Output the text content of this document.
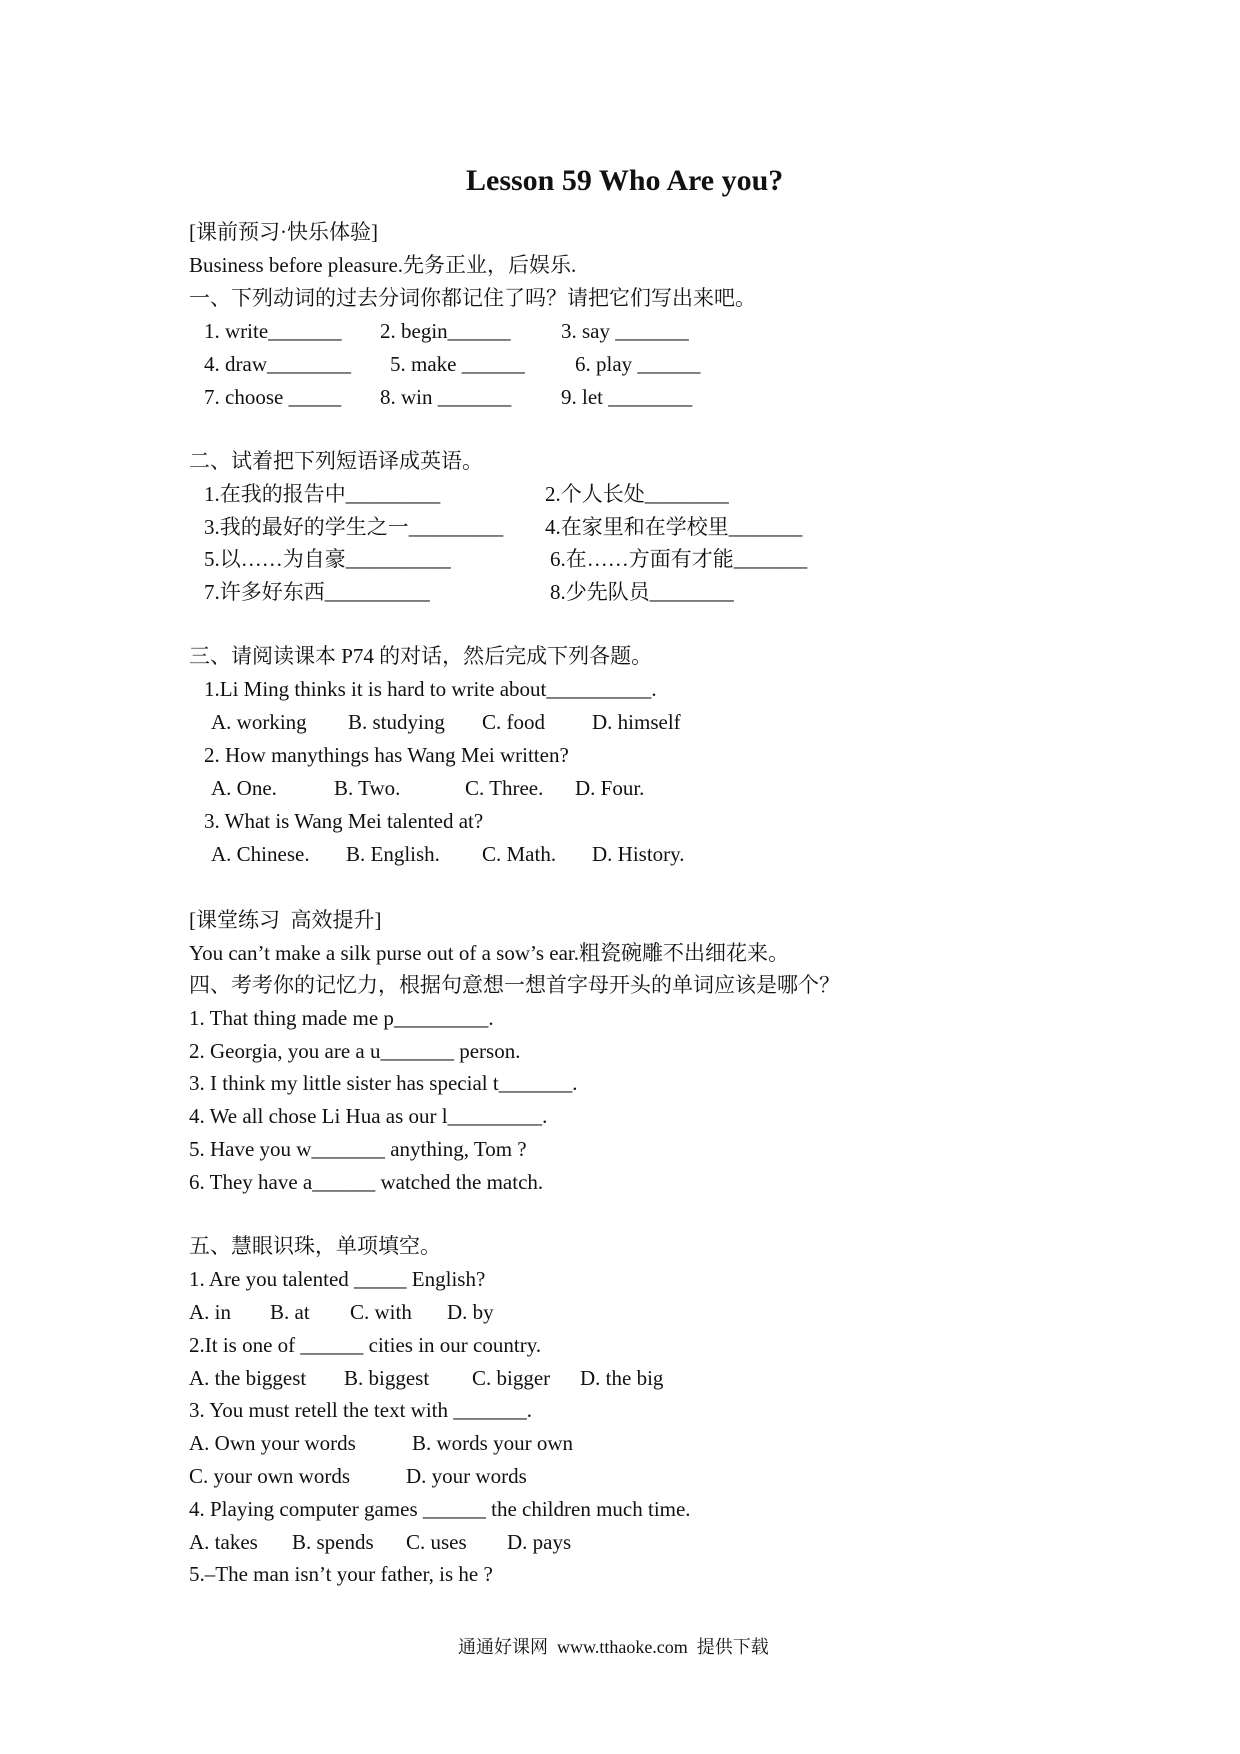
Lesson 59 Who Are you?
[课前预习·快乐体验]
Business before pleasure.先务正业，后娱乐.
一、下列动词的过去分词你都记住了吗？请把它们写出来吧。
1. write_______ 2. begin______ 3. say _______
4. draw________ 5. make ______ 6. play ______
7. choose _____ 8. win _______ 9. let ________
二、试着把下列短语译成英语。
1.在我的报告中_________	2.个人长处________
3.我的最好的学生之一_________ 4.在家里和在学校里_______
5.以……为自豪__________	6.在……方面有才能_______
7.许多好东西__________	8.少先队员________
三、请阅读课本 P74 的对话，然后完成下列各题。
1.Li Ming thinks it is hard to write about__________.
A. working B. studying C. food D. himself
2. How manythings has Wang Mei written?
A. One.	B. Two.	C. Three. D. Four.
3. What is Wang Mei talented at?
A. Chinese. B. English. C. Math. D. History.
[课堂练习  高效提升]
You can’t make a silk purse out of a sow’s ear.粗瓷碗雕不出细花来。
四、考考你的记忆力，根据句意想一想首字母开头的单词应该是哪个？
1. That thing made me p_________.
2. Georgia, you are a u_______ person.
3. I think my little sister has special t_______.
4. We all chose Li Hua as our l_________.
5. Have you w_______ anything, Tom ?
6. They have a______ watched the match.
五、慧眼识珠，单项填空。
1. Are you talented _____ English?
A. in B. at C. with D. by
2.It is one of ______ cities in our country.
A. the biggest B. biggest C. bigger D. the big
3. You must retell the text with _______.
A. Own your words	B. words your own
C. your own words	D. your words
4. Playing computer games ______ the children much time.
A. takes B. spends C. uses D. pays
5.–The man isn’t your father, is he ?
通通好课网  www.tthaoke.com  提供下载
